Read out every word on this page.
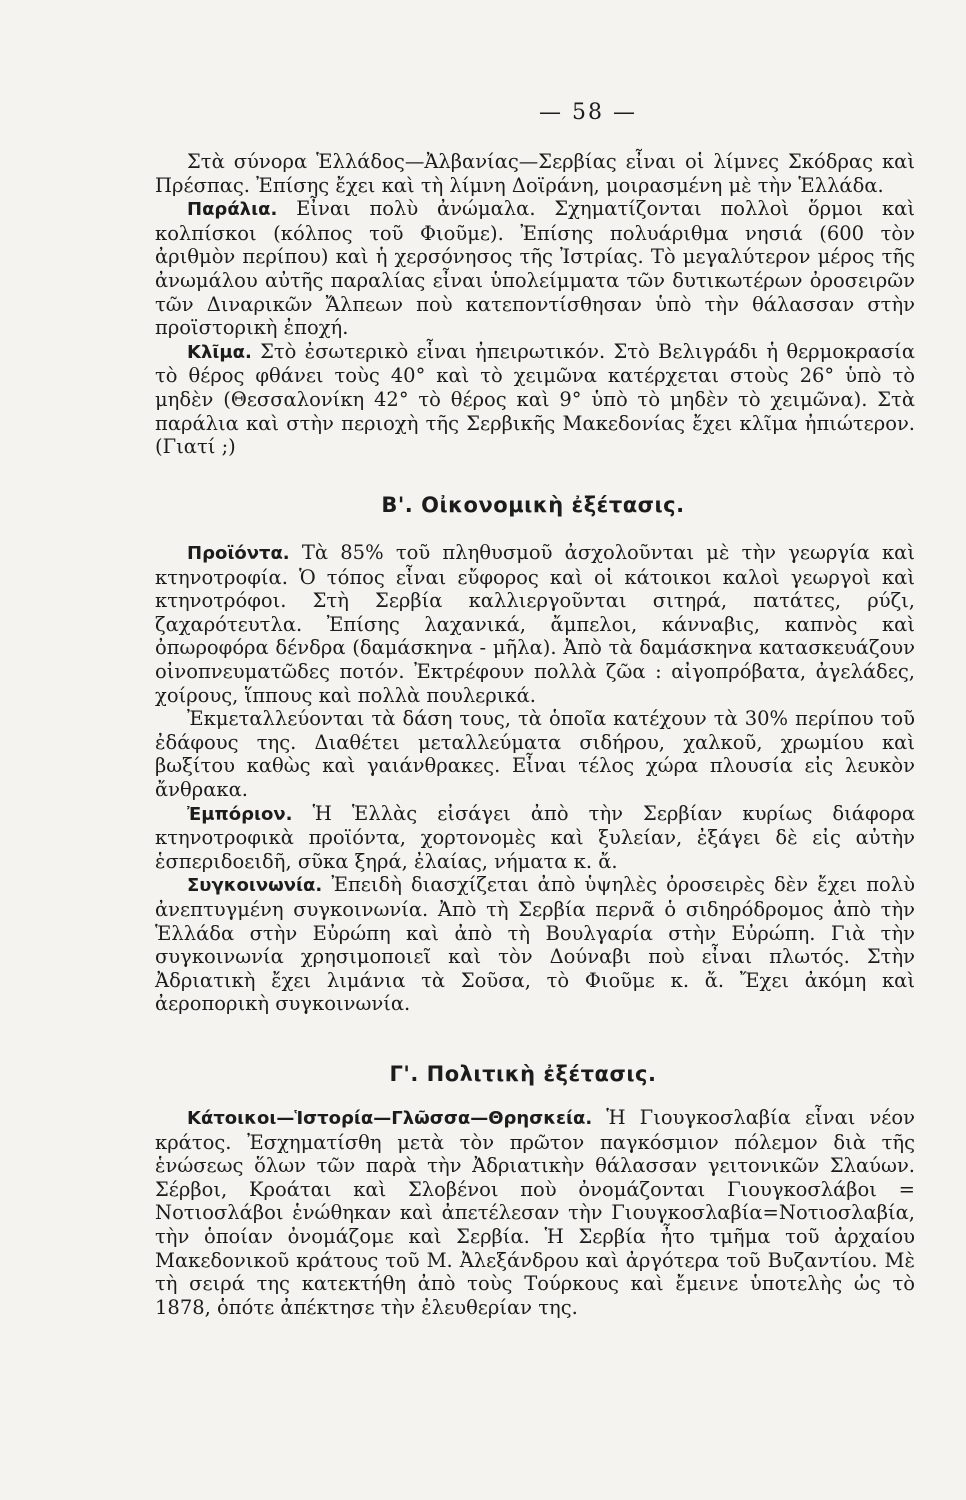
— 58 —

Στὰ σύνορα Ἑλλάδος—Ἀλβανίας—Σερβίας εἶναι οἱ λίμνες Σκόδρας καὶ Πρέσπας. Ἐπίσης ἔχει καὶ τὴ λίμνη Δοϊράνη, μοιρασμένη μὲ τὴν Ἑλλάδα.

Παράλια. Εἶναι πολὺ ἀνώμαλα. Σχηματίζονται πολλοὶ ὅρμοι καὶ κολπίσκοι (κόλπος τοῦ Φιοῦμε). Ἐπίσης πολυάριθμα νησιά (600 τὸν ἀριθμὸν περίπου) καὶ ἡ χερσόνησος τῆς Ἰστρίας. Τὸ μεγαλύτερον μέρος τῆς ἀνωμάλου αὐτῆς παραλίας εἶναι ὑπολείμματα τῶν δυτικωτέρων ὀροσειρῶν τῶν Διναρικῶν Ἄλπεων ποὺ κατεποντίσθησαν ὑπὸ τὴν θάλασσαν στὴν προϊστορικὴ ἐποχή.

Κλῖμα. Στὸ ἐσωτερικὸ εἶναι ἠπειρωτικόν. Στὸ Βελιγράδι ἡ θερμοκρασία τὸ θέρος φθάνει τοὺς 40° καὶ τὸ χειμῶνα κατέρχεται στοὺς 26° ὑπὸ τὸ μηδὲν (Θεσσαλονίκη 42° τὸ θέρος καὶ 9° ὑπὸ τὸ μηδὲν τὸ χειμῶνα). Στὰ παράλια καὶ στὴν περιοχὴ τῆς Σερβικῆς Μακεδονίας ἔχει κλῖμα ἠπιώτερον. (Γιατί ;)

Β'. Οἰκονομικὴ ἐξέτασις.

Προϊόντα. Τὰ 85% τοῦ πληθυσμοῦ ἀσχολοῦνται μὲ τὴν γεωργία καὶ κτηνοτροφία. Ὁ τόπος εἶναι εὔφορος καὶ οἱ κάτοικοι καλοὶ γεωργοὶ καὶ κτηνοτρόφοι. Στὴ Σερβία καλλιεργοῦνται σιτηρά, πατάτες, ρύζι, ζαχαρότευτλα. Ἐπίσης λαχανικά, ἄμπελοι, κάνναβις, καπνὸς καὶ ὀπωροφόρα δένδρα (δαμάσκηνα - μῆλα). Ἀπὸ τὰ δαμάσκηνα κατασκευάζουν οἰνοπνευματῶδες ποτόν. Ἐκτρέφουν πολλὰ ζῶα : αἰγοπρόβατα, ἀγελάδες, χοίρους, ἵππους καὶ πολλὰ πουλερικά.

Ἐκμεταλλεύονται τὰ δάση τους, τὰ ὁποῖα κατέχουν τὰ 30% περίπου τοῦ ἐδάφους της. Διαθέτει μεταλλεύματα σιδήρου, χαλκοῦ, χρωμίου καὶ βωξίτου καθὼς καὶ γαιάνθρακες. Εἶναι τέλος χώρα πλουσία εἰς λευκὸν ἄνθρακα.

Ἐμπόριον. Ἡ Ἑλλὰς εἰσάγει ἀπὸ τὴν Σερβίαν κυρίως διάφορα κτηνοτροφικὰ προϊόντα, χορτονομὲς καὶ ξυλείαν, ἐξάγει δὲ εἰς αὐτὴν ἑσπεριδοειδῆ, σῦκα ξηρά, ἐλαίας, νήματα κ. ἄ.

Συγκοινωνία. Ἐπειδὴ διασχίζεται ἀπὸ ὑψηλὲς ὀροσειρὲς δὲν ἔχει πολὺ ἀνεπτυγμένη συγκοινωνία. Ἀπὸ τὴ Σερβία περνᾶ ὁ σιδηρόδρομος ἀπὸ τὴν Ἑλλάδα στὴν Εὐρώπη καὶ ἀπὸ τὴ Βουλγαρία στὴν Εὐρώπη. Γιὰ τὴν συγκοινωνία χρησιμοποιεῖ καὶ τὸν Δούναβι ποὺ εἶναι πλωτός. Στὴν Ἀδριατικὴ ἔχει λιμάνια τὰ Σοῦσα, τὸ Φιοῦμε κ. ἄ. Ἔχει ἀκόμη καὶ ἀεροπορικὴ συγκοινωνία.

Γ'. Πολιτικὴ ἐξέτασις.

Κάτοικοι—Ἱστορία—Γλῶσσα—Θρησκεία. Ἡ Γιουγκοσλαβία εἶναι νέον κράτος. Ἐσχηματίσθη μετὰ τὸν πρῶτον παγκόσμιον πόλεμον διὰ τῆς ἑνώσεως ὅλων τῶν παρὰ τὴν Ἀδριατικὴν θάλασσαν γειτονικῶν Σλαύων. Σέρβοι, Κροάται καὶ Σλοβένοι ποὺ ὀνομάζονται Γιουγκοσλάβοι = Νοτιοσλάβοι ἑνώθηκαν καὶ ἀπετέλεσαν τὴν Γιουγκοσλαβία=Νοτιοσλαβία, τὴν ὁποίαν ὀνομάζομε καὶ Σερβία. Ἡ Σερβία ἦτο τμῆμα τοῦ ἀρχαίου Μακεδονικοῦ κράτους τοῦ Μ. Ἀλεξάνδρου καὶ ἀργότερα τοῦ Βυζαντίου. Μὲ τὴ σειρά της κατεκτήθη ἀπὸ τοὺς Τούρκους καὶ ἔμεινε ὑποτελὴς ὡς τὸ 1878, ὁπότε ἀπέκτησε τὴν ἐλευθερίαν της.
